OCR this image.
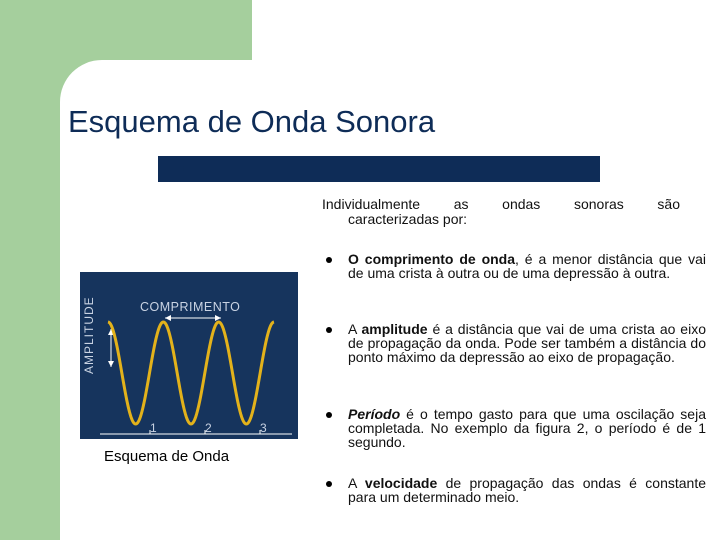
Esquema de Onda Sonora
AMPLITUDE	COMPRIMENTO
1	2	3
Esquema de Onda

Individualmente as ondas sonoras são

caracterizadas por:

O comprimento de onda, é a menor distância que vai de uma crista à outra ou de uma depressão à outra.
A amplitude é a distância que vai de uma crista ao eixo de propagação da onda. Pode ser também a distância do ponto máximo da depressão ao eixo de propagação.
Período é o tempo gasto para que uma oscilação seja completada. No exemplo da figura 2, o período é de 1 segundo.
A velocidade de propagação das ondas é constante para um determinado meio.
